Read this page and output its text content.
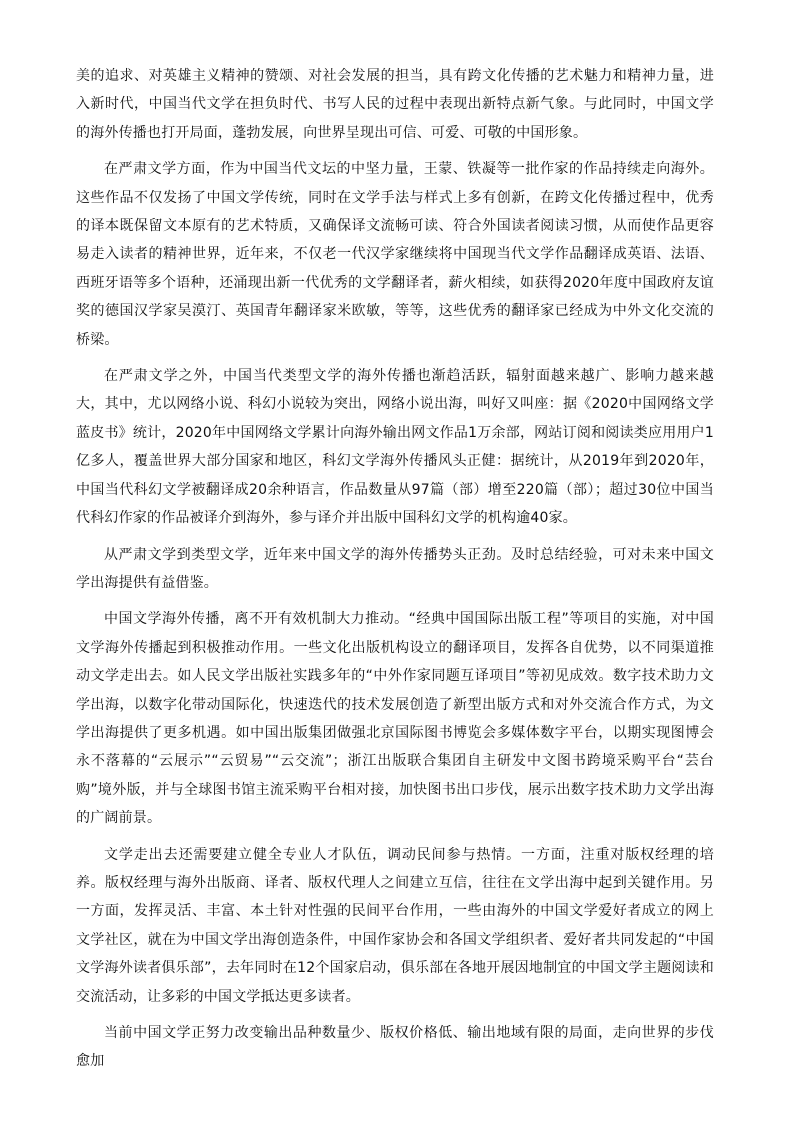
美的追求、对英雄主义精神的赞颂、对社会发展的担当，具有跨文化传播的艺术魅力和精神力量，进入新时代，中国当代文学在担负时代、书写人民的过程中表现出新特点新气象。与此同时，中国文学的海外传播也打开局面，蓬勃发展，向世界呈现出可信、可爱、可敬的中国形象。

在严肃文学方面，作为中国当代文坛的中坚力量，王蒙、铁凝等一批作家的作品持续走向海外。这些作品不仅发扬了中国文学传统，同时在文学手法与样式上多有创新，在跨文化传播过程中，优秀的译本既保留文本原有的艺术特质，又确保译文流畅可读、符合外国读者阅读习惯，从而使作品更容易走入读者的精神世界，近年来，不仅老一代汉学家继续将中国现当代文学作品翻译成英语、法语、西班牙语等多个语种，还涌现出新一代优秀的文学翻译者，薪火相续，如获得2020年度中国政府友谊奖的德国汉学家吴漠汀、英国青年翻译家米欧敏，等等，这些优秀的翻译家已经成为中外文化交流的桥梁。

在严肃文学之外，中国当代类型文学的海外传播也渐趋活跃，辐射面越来越广、影响力越来越大，其中，尤以网络小说、科幻小说较为突出，网络小说出海，叫好又叫座：据《2020中国网络文学蓝皮书》统计，2020年中国网络文学累计向海外输出网文作品1万余部，网站订阅和阅读类应用用户1亿多人，覆盖世界大部分国家和地区，科幻文学海外传播风头正健：据统计，从2019年到2020年，中国当代科幻文学被翻译成20余种语言，作品数量从97篇（部）增至220篇（部）；超过30位中国当代科幻作家的作品被译介到海外，参与译介并出版中国科幻文学的机构逾40家。

从严肃文学到类型文学，近年来中国文学的海外传播势头正劲。及时总结经验，可对未来中国文学出海提供有益借鉴。

中国文学海外传播，离不开有效机制大力推动。“经典中国国际出版工程”等项目的实施，对中国文学海外传播起到积极推动作用。一些文化出版机构设立的翻译项目，发挥各自优势，以不同渠道推动文学走出去。如人民文学出版社实践多年的“中外作家同题互译项目”等初见成效。数字技术助力文学出海，以数字化带动国际化，快速迭代的技术发展创造了新型出版方式和对外交流合作方式，为文学出海提供了更多机遇。如中国出版集团做强北京国际图书博览会多媒体数字平台，以期实现图博会永不落幕的“云展示”“云贸易”“云交流”；浙江出版联合集团自主研发中文图书跨境采购平台“芸台购”境外版，并与全球图书馆主流采购平台相对接，加快图书出口步伐，展示出数字技术助力文学出海的广阔前景。

文学走出去还需要建立健全专业人才队伍，调动民间参与热情。一方面，注重对版权经理的培养。版权经理与海外出版商、译者、版权代理人之间建立互信，往往在文学出海中起到关键作用。另一方面，发挥灵活、丰富、本土针对性强的民间平台作用，一些由海外的中国文学爱好者成立的网上文学社区，就在为中国文学出海创造条件，中国作家协会和各国文学组织者、爱好者共同发起的“中国文学海外读者俱乐部”，去年同时在12个国家启动，俱乐部在各地开展因地制宜的中国文学主题阅读和交流活动，让多彩的中国文学抵达更多读者。

当前中国文学正努力改变输出品种数量少、版权价格低、输出地域有限的局面，走向世界的步伐愈加
